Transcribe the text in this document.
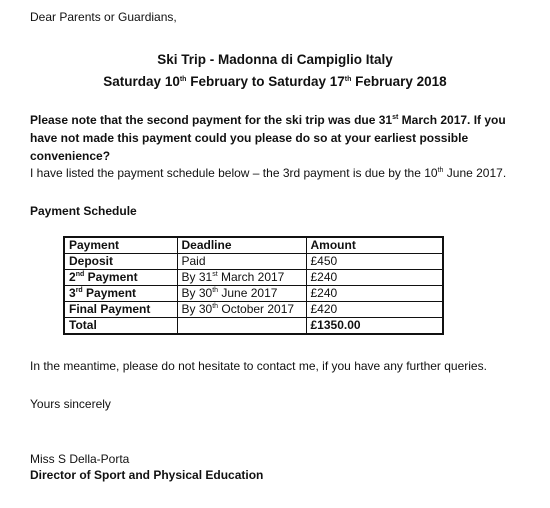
Dear Parents or Guardians,
Ski Trip - Madonna di Campiglio Italy
Saturday 10th February to Saturday 17th February 2018
Please note that the second payment for the ski trip was due 31st March 2017. If you have not made this payment could you please do so at your earliest possible convenience?
I have listed the payment schedule below – the 3rd payment is due by the 10th June 2017.
Payment Schedule
Payment	Deadline	Amount
Deposit	Paid	£450
2nd Payment	By 31st March 2017	£240
3rd Payment	By 30th June 2017	£240
Final Payment	By 30th October 2017	£420
Total		£1350.00
In the meantime, please do not hesitate to contact me, if you have any further queries.
Yours sincerely
Miss S Della-Porta
Director of Sport and Physical Education
